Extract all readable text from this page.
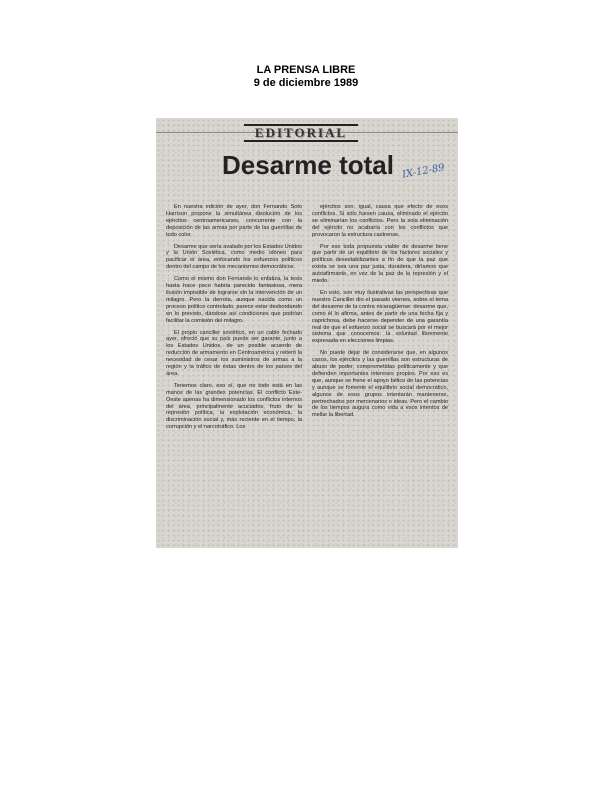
LA PRENSA LIBRE
9 de diciembre 1989
EDITORIAL
Desarme total IX-12-89

En nuestra edición de ayer, don Fernando Soto Harrison propone la simultánea disolución de los ejércitos centroamericanos, concurrente con la deposición de las armas por parte de las guerrillas de todo color.

Desarme que sería avalado por los Estados Unidos y la Unión Soviética, como medio idóneo para pacificar el área, enfocando los esfuerzos políticos dentro del campo de los mecanismos democráticos.

Como el mismo don Fernando lo enfatiza, la tesis hasta hace poco habría parecido fantasiosa, mera ilusión imposible de lograrse sin la intervención de un milagro. Pero la derrota, aunque nacida como un proceso político controlado, parece estar desbordando en lo previsto, dándose así condiciones que podrían facilitar la comisión del milagro.

El propio canciller soviético, en un cable fechado ayer, ofreció que su país puede ser garante, junto a los Estados Unidos, de un posible acuerdo de reducción de armamento en Centroamérica y reiteró la necesidad de cesar los suministros de armas a la región y la tráfico de éstas dentro de los países del área.

Tenemos claro, eso sí, que no todo está en las manos de las grandes potencias. El conflicto Este-Oeste apenas ha dimensionado los conflictos internos del área, principalmente acuciados, fruto de la represión política, la explotación económica, la discriminación social y, más reciente en el tiempo, la corrupción y el narcotráfico. Los

ejércitos son, igual, causa que efecto de esos conflictos. Si sólo fuesen causa, eliminado el ejército se eliminarían los conflictos. Pero la sola eliminación del ejército no acabaría con los conflictos que provocaron la estructura castrense.

Por eso toda propuesta viable de desarme tiene que partir de un equilibrio de los factores sociales y políticos desestabilizantes a fin de que la paz que exista se sea una paz justa, duradera, diríamos que autoafirmante, en vez de la paz de la represión y el miedo.

En esto, son muy ilustrativas las perspectivas que nuestro Canciller dio el pasado viernes, sobre el tema del desarme de la contra nicaragüense: desarme que, como él lo afirma, antes de partir de una fecha fija y caprichosa, debe hacerse depender de una garantía real de que el esfuerzo social se buscará por el mejor sistema que conocemos: la voluntad libremente expresada en elecciones limpias.

No puede dejar de considerarse que, en algunos casos, los ejércitos y las guerrillas son estructuras de abuso de poder, comprometidas políticamente y que defienden importantes intereses propios. Por eso es que, aunque se frene el apoyo bélico de las potencias y aunque se fomente el equilibrio social democrático, algunos de esos grupos intentarán mantenerse, pertrechados por mercenarios o ideas. Pero el cambio de los tiempos augura como vida a esos intentos de mellar la libertad.
